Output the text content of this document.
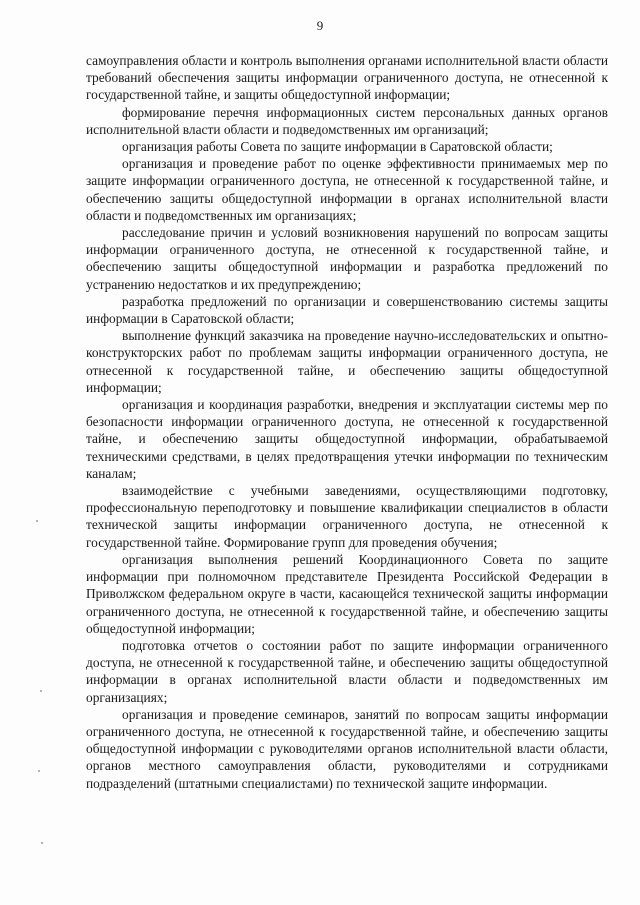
9

самоуправления области и контроль выполнения органами исполнительной власти области требований обеспечения защиты информации ограниченного доступа, не отнесенной к государственной тайне, и защиты общедоступной информации;

формирование перечня информационных систем персональных данных органов исполнительной власти области и подведомственных им организаций;

организация работы Совета по защите информации в Саратовской области;

организация и проведение работ по оценке эффективности принимаемых мер по защите информации ограниченного доступа, не отнесенной к государственной тайне, и обеспечению защиты общедоступной информации в органах исполнительной власти области и подведомственных им организациях;

расследование причин и условий возникновения нарушений по вопросам защиты информации ограниченного доступа, не отнесенной к государственной тайне, и обеспечению защиты общедоступной информации и разработка предложений по устранению недостатков и их предупреждению;

разработка предложений по организации и совершенствованию системы защиты информации в Саратовской области;

выполнение функций заказчика на проведение научно-исследовательских и опытно-конструкторских работ по проблемам защиты информации ограниченного доступа, не отнесенной к государственной тайне, и обеспечению защиты общедоступной информации;

организация и координация разработки, внедрения и эксплуатации системы мер по безопасности информации ограниченного доступа, не отнесенной к государственной тайне, и обеспечению защиты общедоступной информации, обрабатываемой техническими средствами, в целях предотвращения утечки информации по техническим каналам;

взаимодействие с учебными заведениями, осуществляющими подготовку, профессиональную переподготовку и повышение квалификации специалистов в области технической защиты информации ограниченного доступа, не отнесенной к государственной тайне. Формирование групп для проведения обучения;

организация выполнения решений Координационного Совета по защите информации при полномочном представителе Президента Российской Федерации в Приволжском федеральном округе в части, касающейся технической защиты информации ограниченного доступа, не отнесенной к государственной тайне, и обеспечению защиты общедоступной информации;

подготовка отчетов о состоянии работ по защите информации ограниченного доступа, не отнесенной к государственной тайне, и обеспечению защиты общедоступной информации в органах исполнительной власти области и подведомственных им организациях;

организация и проведение семинаров, занятий по вопросам защиты информации ограниченного доступа, не отнесенной к государственной тайне, и обеспечению защиты общедоступной информации с руководителями органов исполнительной власти области, органов местного самоуправления области, руководителями и сотрудниками подразделений (штатными специалистами) по технической защите информации.
